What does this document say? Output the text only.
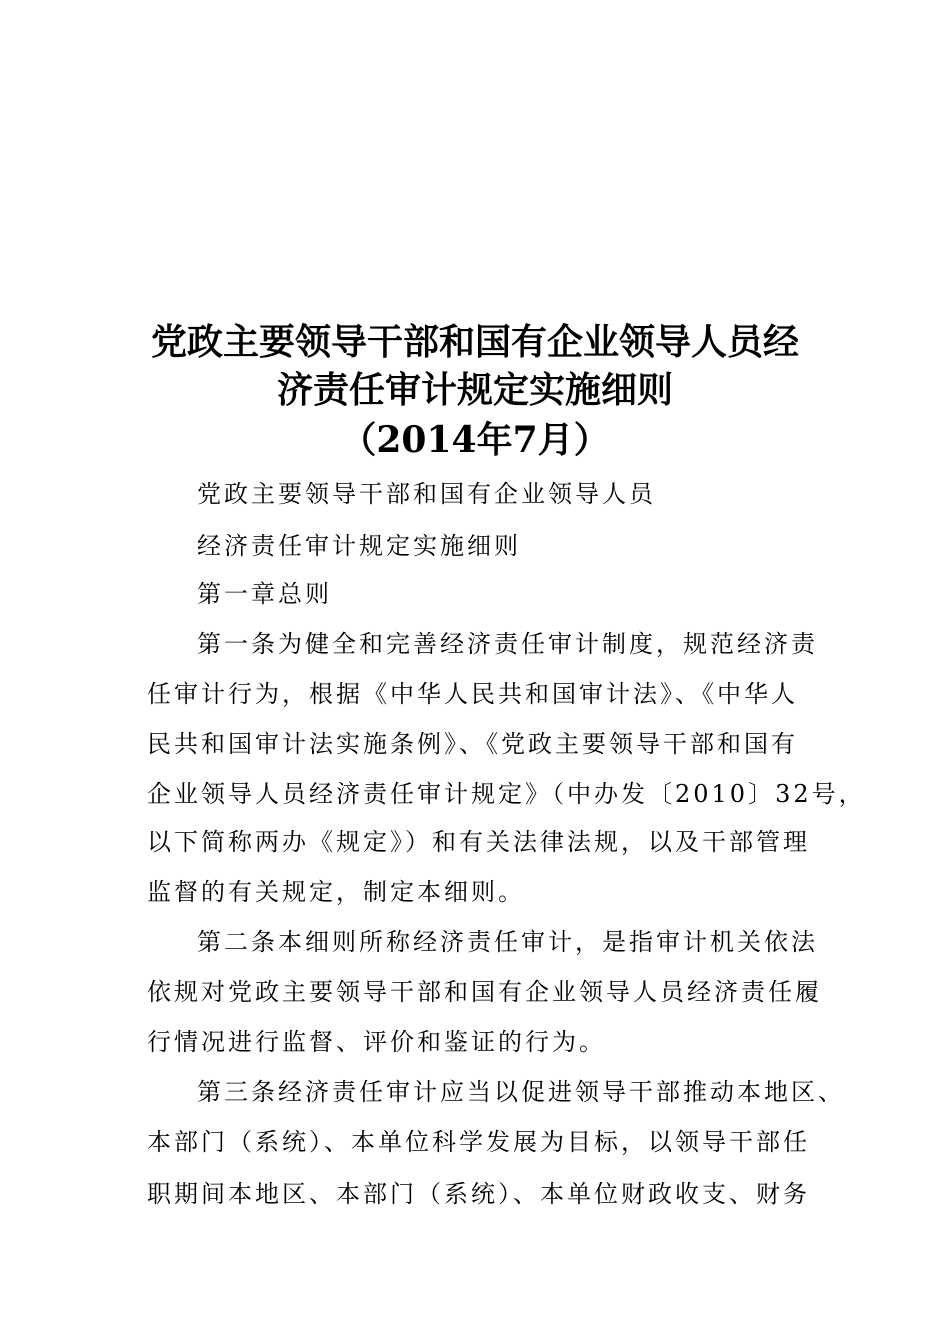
党政主要领导干部和国有企业领导人员经
济责任审计规定实施细则
（2014年7月）
党政主要领导干部和国有企业领导人员
经济责任审计规定实施细则
第一章总则
第一条为健全和完善经济责任审计制度，规范经济责
任审计行为，根据《中华人民共和国审计法》、《中华人
民共和国审计法实施条例》、《党政主要领导干部和国有
企业领导人员经济责任审计规定》（中办发〔2010〕32号，
以下简称两办《规定》）和有关法律法规，以及干部管理
监督的有关规定，制定本细则。
第二条本细则所称经济责任审计，是指审计机关依法
依规对党政主要领导干部和国有企业领导人员经济责任履
行情况进行监督、评价和鉴证的行为。
第三条经济责任审计应当以促进领导干部推动本地区、
本部门（系统）、本单位科学发展为目标，以领导干部任
职期间本地区、本部门（系统）、本单位财政收支、财务
